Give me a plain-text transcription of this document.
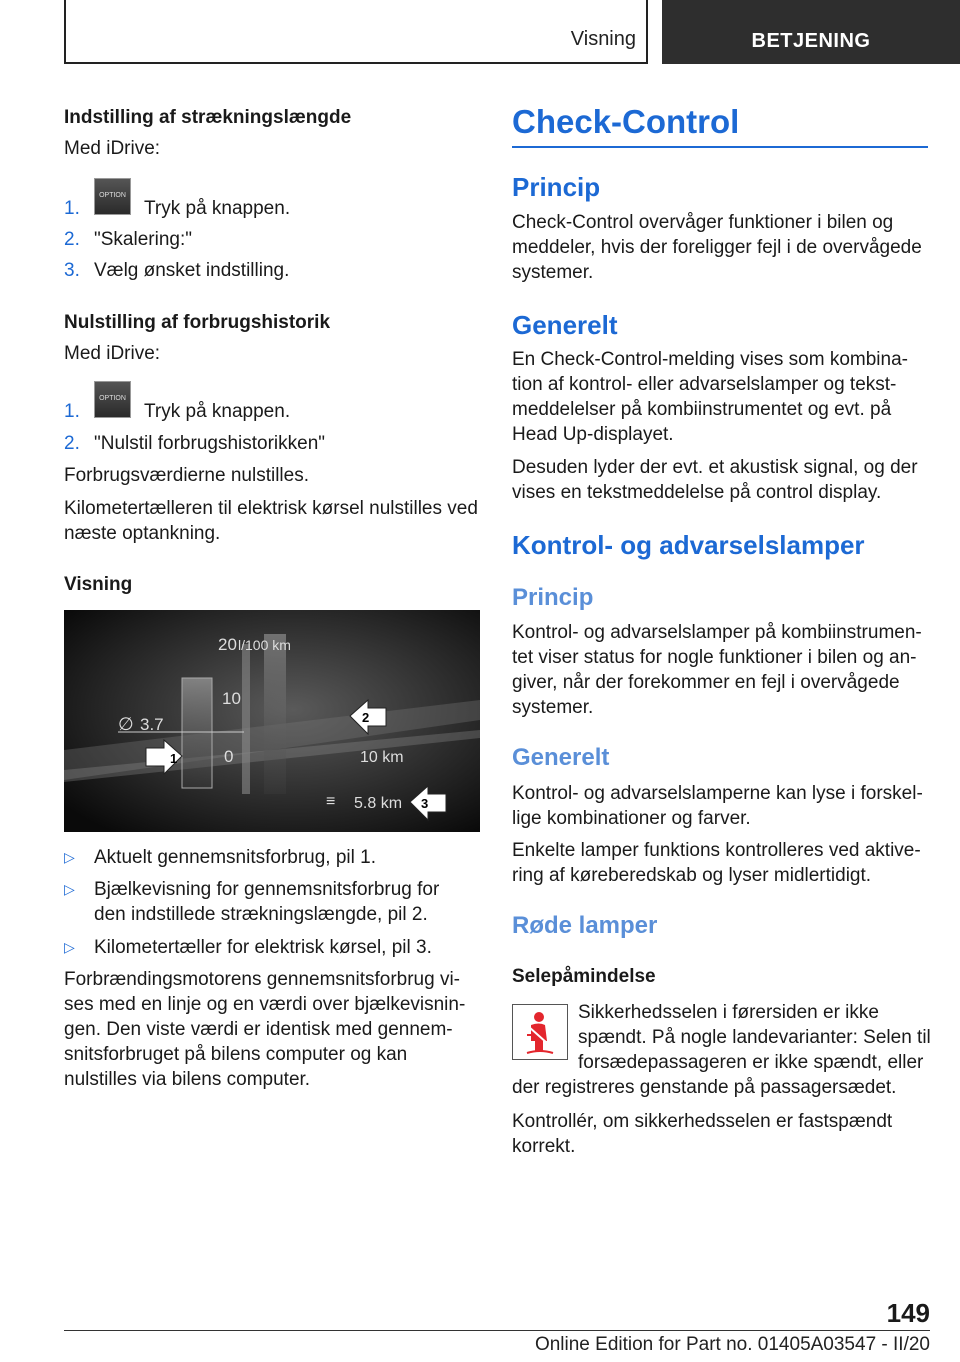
Visning	BETJENING
Indstilling af strækningslængde
Med iDrive:
1.
OPTION
Tryk på knappen.
2. "Skalering:"
3. Vælg ønsket indstilling.
Nulstilling af forbrugshistorik
Med iDrive:
1.
OPTION
Tryk på knappen.
2. "Nulstil forbrugshistorikken"
Forbrugsværdierne nulstilles.
Kilometertælleren til elektrisk kørsel nulstilles ved
næste optankning.
Visning
20 l/100 km
10
0
∅ 3.7
10 km
≡ 5.8 km
1
2
3
▷ Aktuelt gennemsnitsforbrug, pil 1.
▷ Bjælkevisning for gennemsnitsforbrug for
den indstillede strækningslængde, pil 2.
▷ Kilometertæller for elektrisk kørsel, pil 3.
Forbrændingsmotorens gennemsnitsforbrug vi-
ses med en linje og en værdi over bjælkevisnin-
gen. Den viste værdi er identisk med gennem-
snitsforbruget på bilens computer og kan
nulstilles via bilens computer.
Check-Control
Princip
Check-Control overvåger funktioner i bilen og
meddeler, hvis der foreligger fejl i de overvågede
systemer.
Generelt
En Check-Control-melding vises som kombina-
tion af kontrol- eller advarselslamper og tekst-
meddelelser på kombiinstrumentet og evt. på
Head Up-displayet.
Desuden lyder der evt. et akustisk signal, og der
vises en tekstmeddelelse på control display.
Kontrol- og advarselslamper
Princip
Kontrol- og advarselslamper på kombiinstrumen-
tet viser status for nogle funktioner i bilen og an-
giver, når der forekommer en fejl i overvågede
systemer.
Generelt
Kontrol- og advarselslamperne kan lyse i forskel-
lige kombinationer og farver.
Enkelte lamper funktions kontrolleres ved aktive-
ring af køreberedskab og lyser midlertidigt.
Røde lamper
Selepåmindelse
Sikkerhedsselen i førersiden er ikke
spændt. På nogle landevarianter: Selen til
forsædepassageren er ikke spændt, eller
der registreres genstande på passagersædet.
Kontrollér, om sikkerhedsselen er fastspændt
korrekt.
149
Online Edition for Part no. 01405A03547 - II/20
